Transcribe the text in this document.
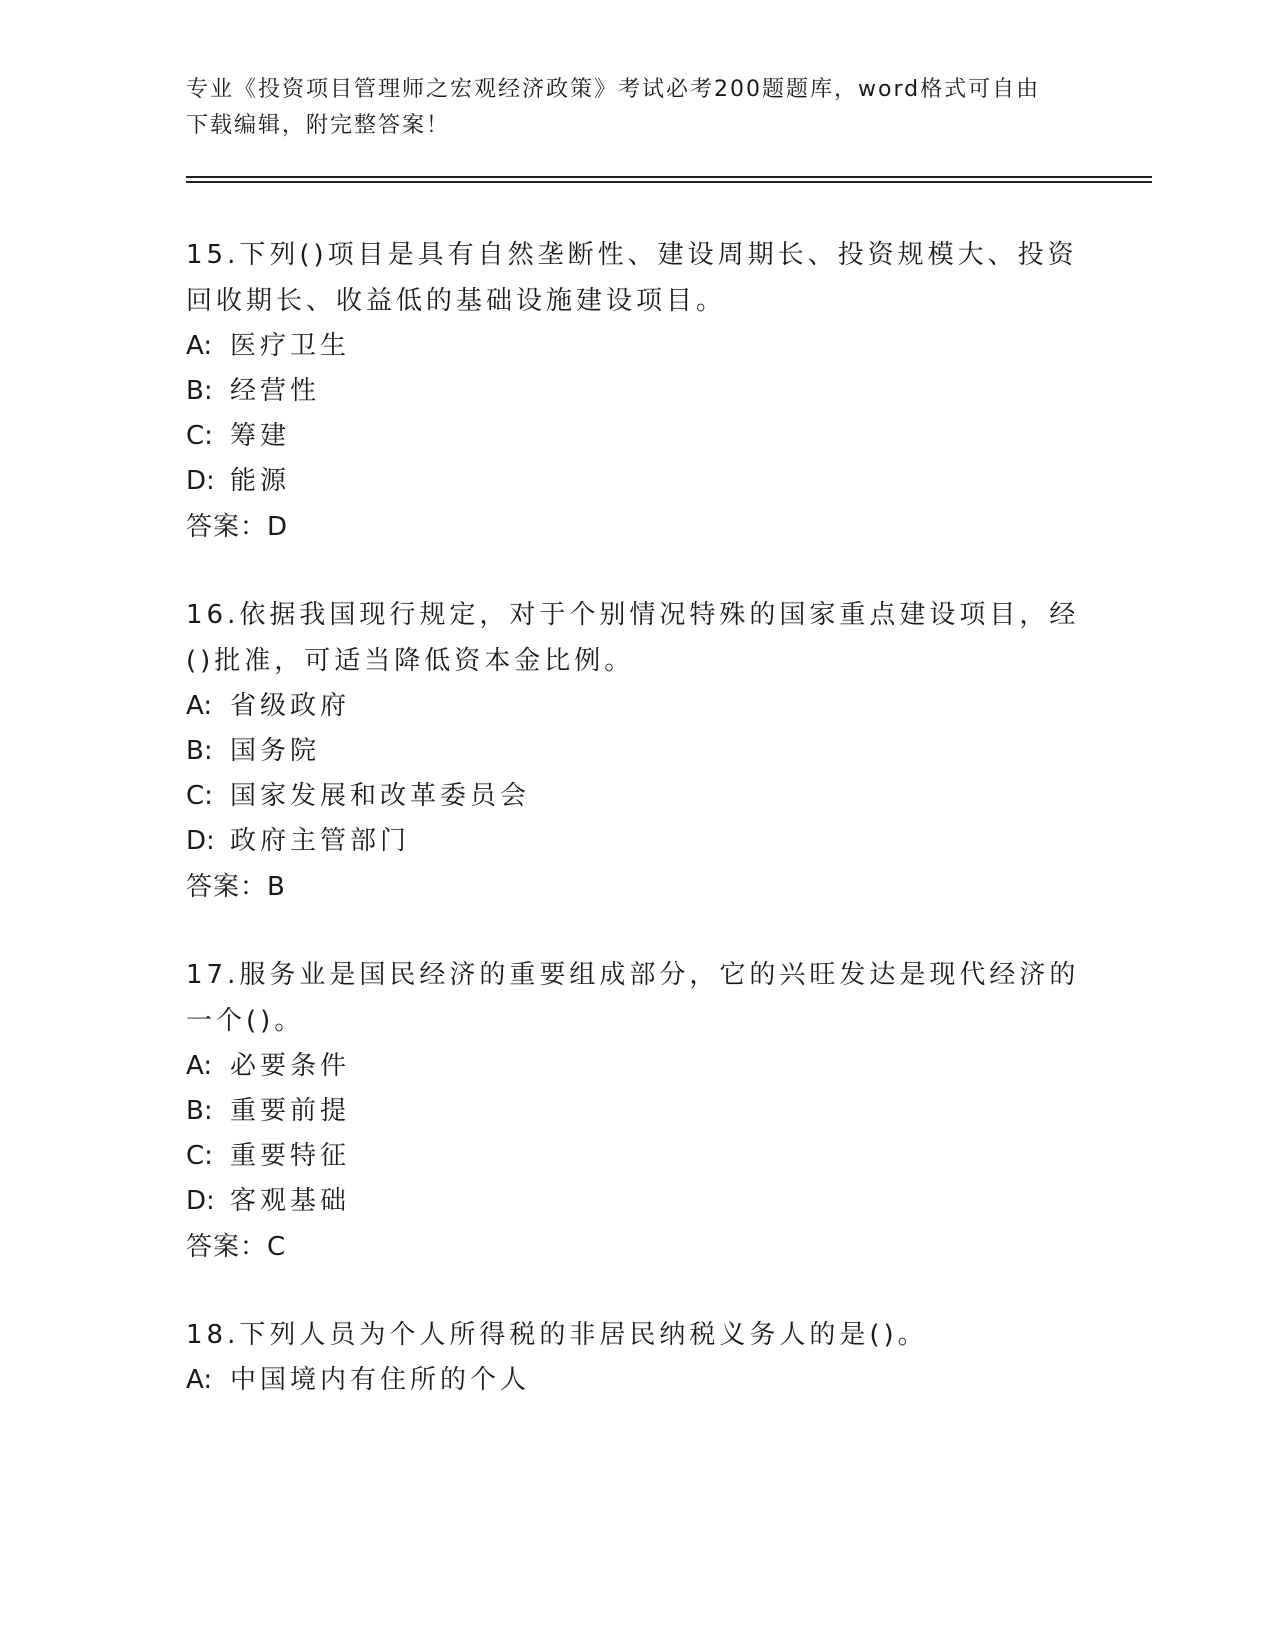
专业《投资项目管理师之宏观经济政策》考试必考200题题库，word格式可自由
下载编辑，附完整答案！

15.下列()项目是具有自然垄断性、建设周期长、投资规模大、投资回收期长、收益低的基础设施建设项目。

A: 医疗卫生
B: 经营性
C: 筹建
D: 能源
答案：D

16.依据我国现行规定，对于个别情况特殊的国家重点建设项目，经()批准，可适当降低资本金比例。

A: 省级政府
B: 国务院
C: 国家发展和改革委员会
D: 政府主管部门
答案：B

17.服务业是国民经济的重要组成部分，它的兴旺发达是现代经济的一个()。

A: 必要条件
B: 重要前提
C: 重要特征
D: 客观基础
答案：C

18.下列人员为个人所得税的非居民纳税义务人的是()。

A: 中国境内有住所的个人
